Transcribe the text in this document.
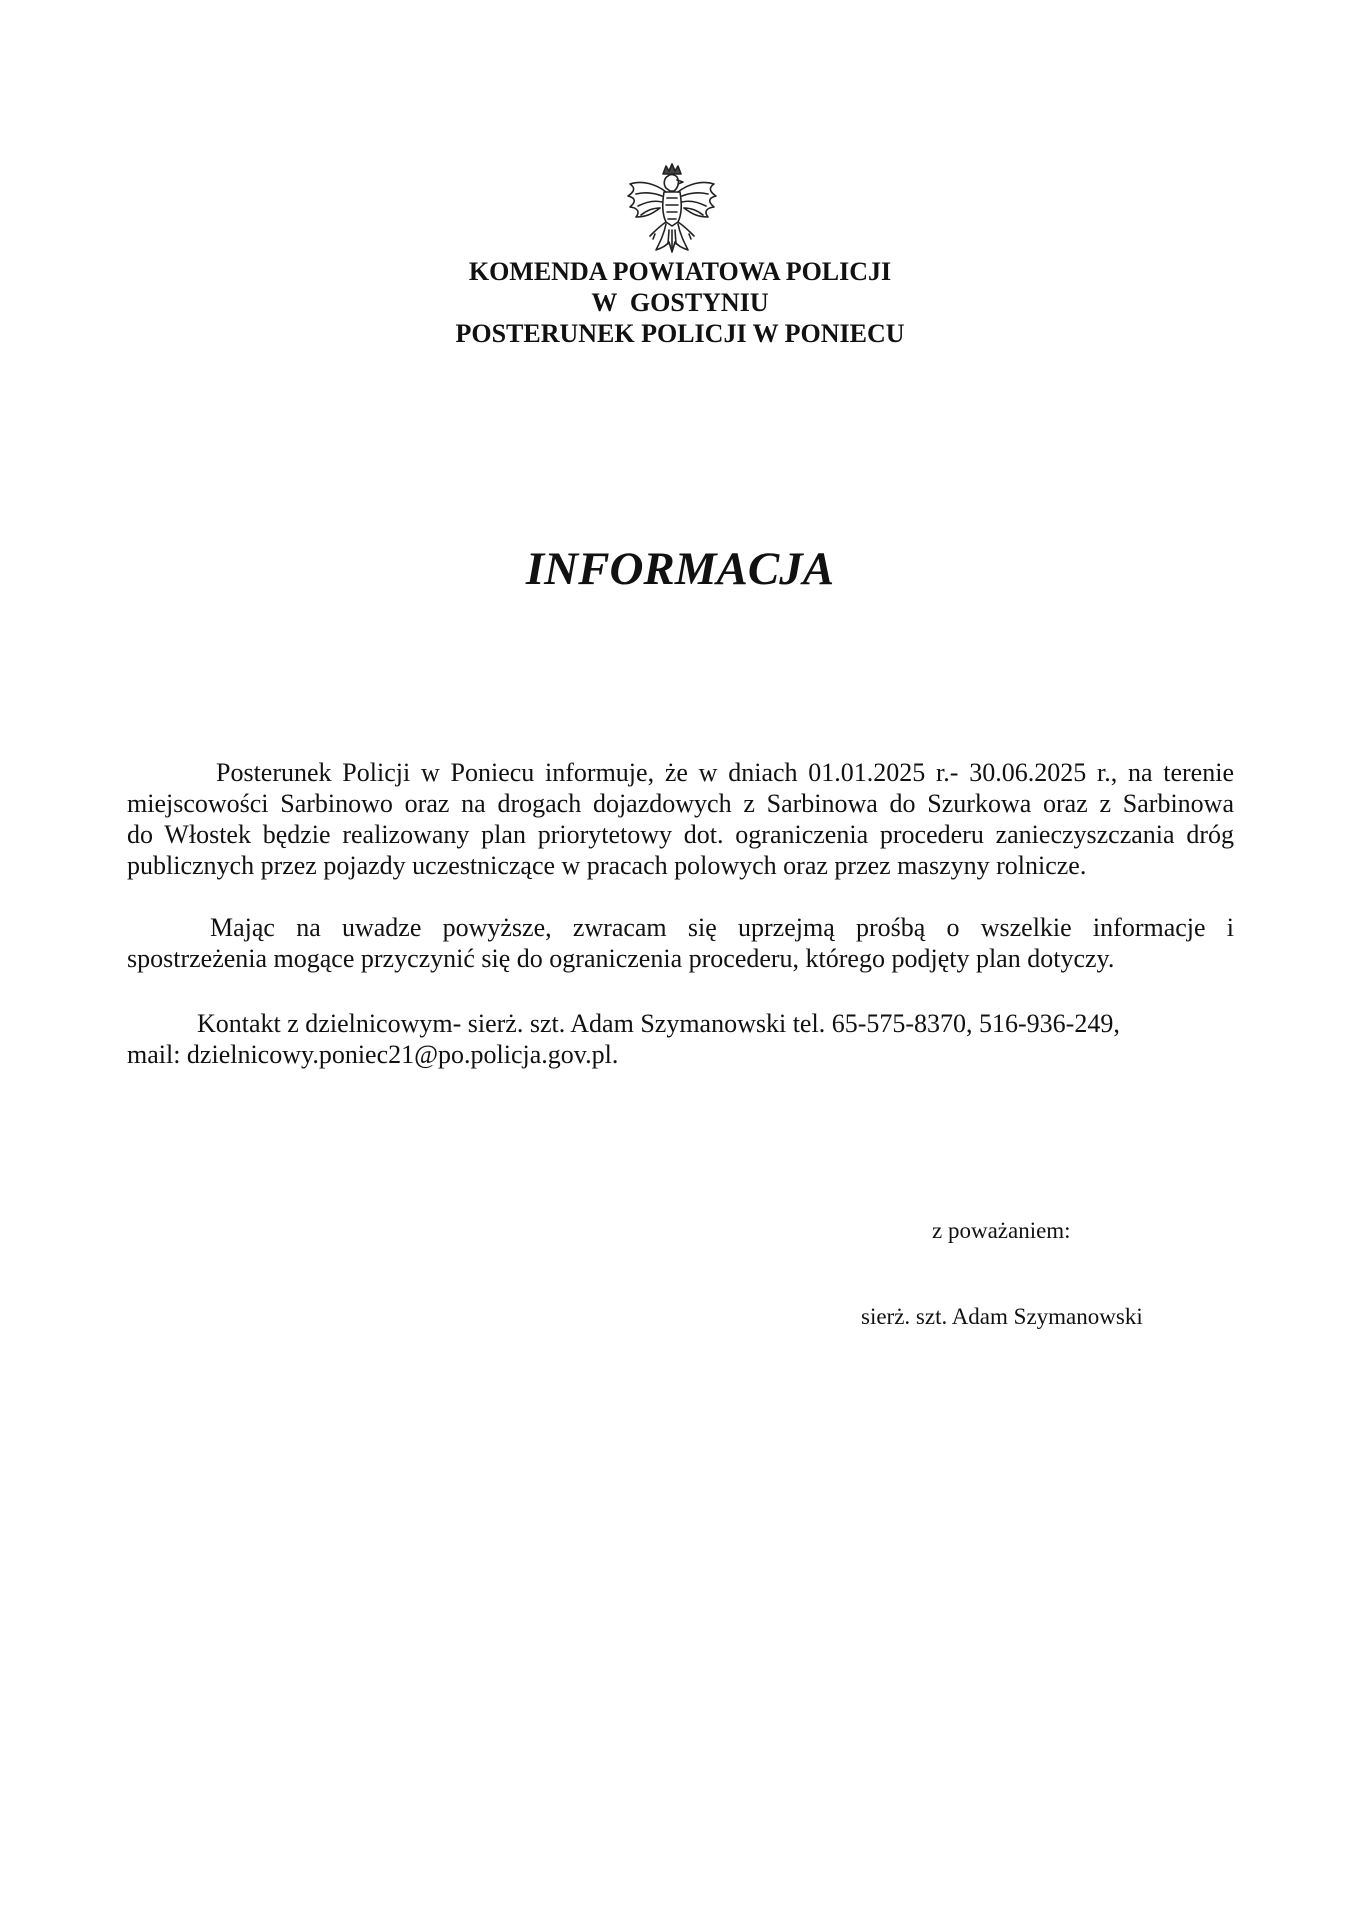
KOMENDA POWIATOWA POLICJI
W  GOSTYNIU
POSTERUNEK POLICJI W PONIECU
INFORMACJA
Posterunek Policji w Poniecu informuje, że w dniach 01.01.2025 r.- 30.06.2025 r., na terenie
miejscowości Sarbinowo oraz na drogach dojazdowych z Sarbinowa do Szurkowa oraz z Sarbinowa
do Włostek będzie realizowany plan priorytetowy dot. ograniczenia procederu zanieczyszczania dróg
publicznych przez pojazdy uczestniczące w pracach polowych oraz przez maszyny rolnicze.
Mając na uwadze powyższe, zwracam się uprzejmą prośbą o wszelkie informacje i
spostrzeżenia mogące przyczynić się do ograniczenia procederu, którego podjęty plan dotyczy.
Kontakt z dzielnicowym- sierż. szt. Adam Szymanowski tel. 65-575-8370, 516-936-249,
mail: dzielnicowy.poniec21@po.policja.gov.pl.
z poważaniem:
sierż. szt. Adam Szymanowski
